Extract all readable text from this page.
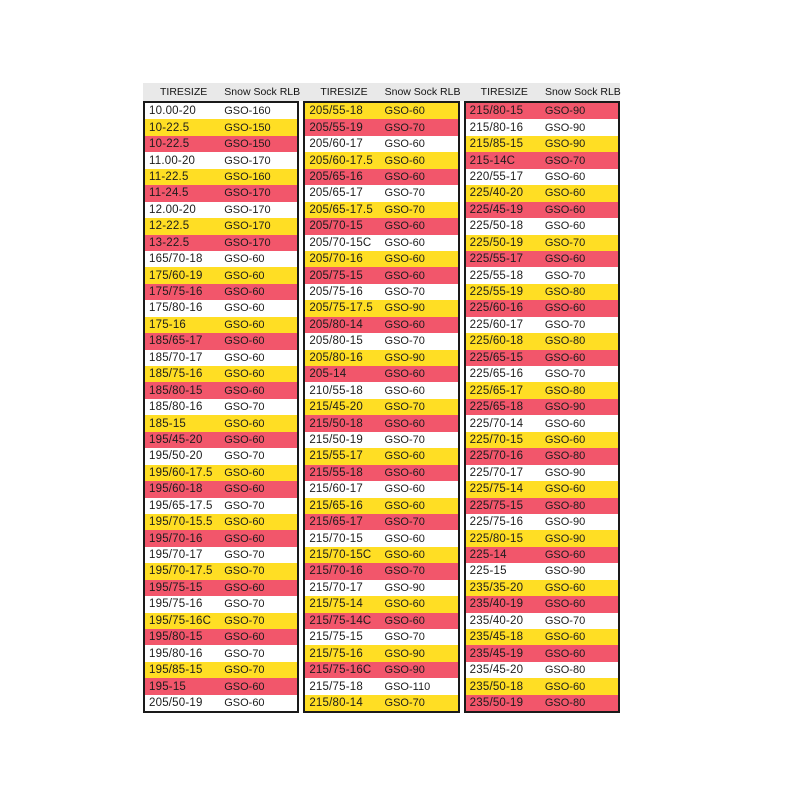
TIRESIZE	Snow Sock RLB	TIRESIZE	Snow Sock RLB	TIRESIZE	Snow Sock RLB
10.00-20	GSO-160
10-22.5	GSO-150
10-22.5	GSO-150
11.00-20	GSO-170
11-22.5	GSO-160
11-24.5	GSO-170
12.00-20	GSO-170
12-22.5	GSO-170
13-22.5	GSO-170
165/70-18	GSO-60
175/60-19	GSO-60
175/75-16	GSO-60
175/80-16	GSO-60
175-16	GSO-60
185/65-17	GSO-60
185/70-17	GSO-60
185/75-16	GSO-60
185/80-15	GSO-60
185/80-16	GSO-70
185-15	GSO-60
195/45-20	GSO-60
195/50-20	GSO-70
195/60-17.5	GSO-60
195/60-18	GSO-60
195/65-17.5	GSO-70
195/70-15.5	GSO-60
195/70-16	GSO-60
195/70-17	GSO-70
195/70-17.5	GSO-70
195/75-15	GSO-60
195/75-16	GSO-70
195/75-16C	GSO-70
195/80-15	GSO-60
195/80-16	GSO-70
195/85-15	GSO-70
195-15	GSO-60
205/50-19	GSO-60
205/55-18	GSO-60
205/55-19	GSO-70
205/60-17	GSO-60
205/60-17.5	GSO-60
205/65-16	GSO-60
205/65-17	GSO-70
205/65-17.5	GSO-70
205/70-15	GSO-60
205/70-15C	GSO-60
205/70-16	GSO-60
205/75-15	GSO-60
205/75-16	GSO-70
205/75-17.5	GSO-90
205/80-14	GSO-60
205/80-15	GSO-70
205/80-16	GSO-90
205-14	GSO-60
210/55-18	GSO-60
215/45-20	GSO-70
215/50-18	GSO-60
215/50-19	GSO-70
215/55-17	GSO-60
215/55-18	GSO-60
215/60-17	GSO-60
215/65-16	GSO-60
215/65-17	GSO-70
215/70-15	GSO-60
215/70-15C	GSO-60
215/70-16	GSO-70
215/70-17	GSO-90
215/75-14	GSO-60
215/75-14C	GSO-60
215/75-15	GSO-70
215/75-16	GSO-90
215/75-16C	GSO-90
215/75-18	GSO-110
215/80-14	GSO-70
215/80-15	GSO-90
215/80-16	GSO-90
215/85-15	GSO-90
215-14C	GSO-70
220/55-17	GSO-60
225/40-20	GSO-60
225/45-19	GSO-60
225/50-18	GSO-60
225/50-19	GSO-70
225/55-17	GSO-60
225/55-18	GSO-70
225/55-19	GSO-80
225/60-16	GSO-60
225/60-17	GSO-70
225/60-18	GSO-80
225/65-15	GSO-60
225/65-16	GSO-70
225/65-17	GSO-80
225/65-18	GSO-90
225/70-14	GSO-60
225/70-15	GSO-60
225/70-16	GSO-80
225/70-17	GSO-90
225/75-14	GSO-60
225/75-15	GSO-80
225/75-16	GSO-90
225/80-15	GSO-90
225-14	GSO-60
225-15	GSO-90
235/35-20	GSO-60
235/40-19	GSO-60
235/40-20	GSO-70
235/45-18	GSO-60
235/45-19	GSO-60
235/45-20	GSO-80
235/50-18	GSO-60
235/50-19	GSO-80
